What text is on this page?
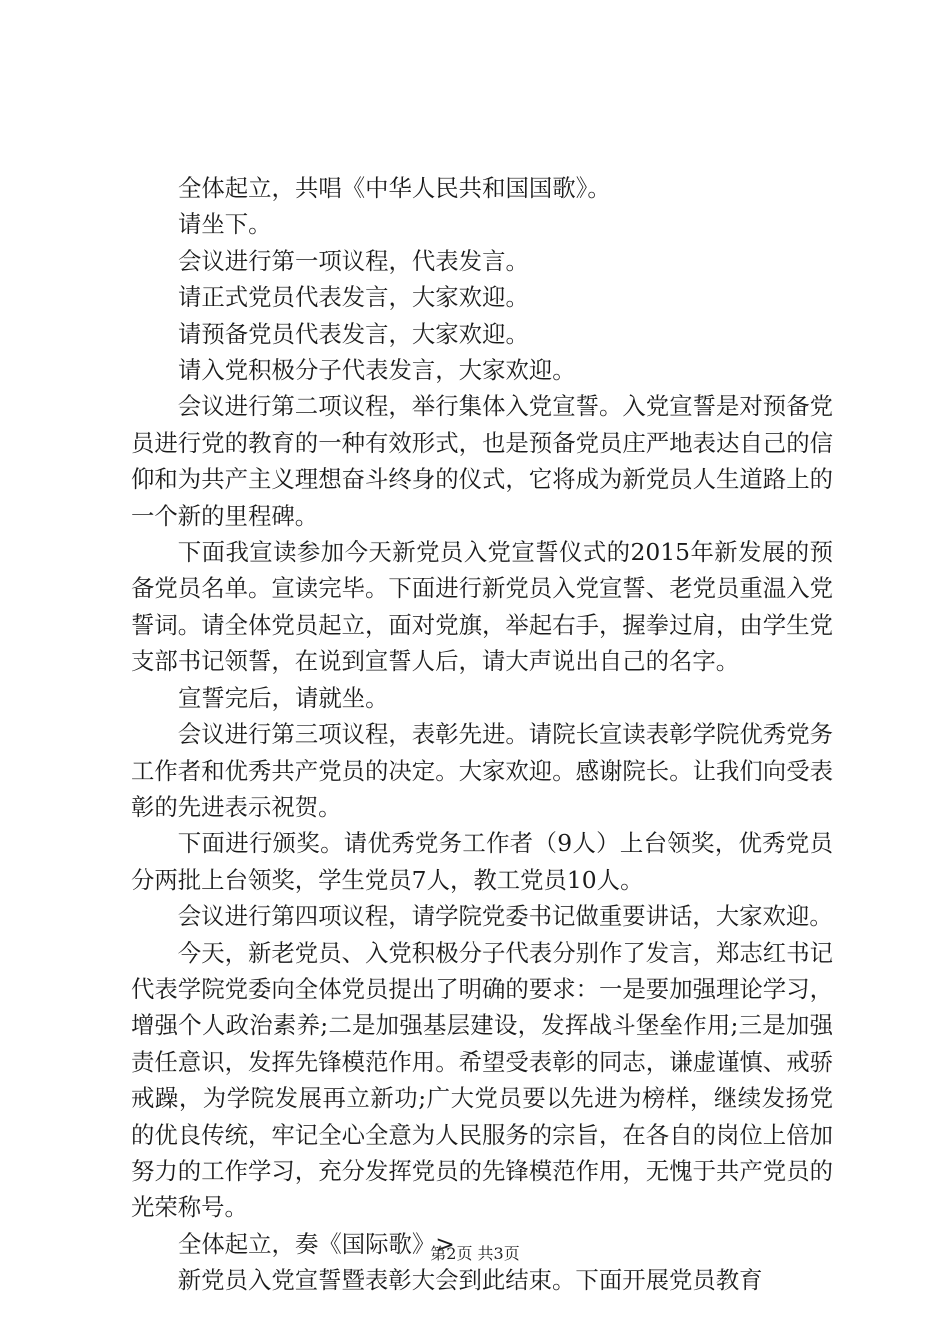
全体起立，共唱《中华人民共和国国歌》。

请坐下。

会议进行第一项议程，代表发言。

请正式党员代表发言，大家欢迎。

请预备党员代表发言，大家欢迎。

请入党积极分子代表发言，大家欢迎。

会议进行第二项议程，举行集体入党宣誓。入党宣誓是对预备党员进行党的教育的一种有效形式，也是预备党员庄严地表达自己的信仰和为共产主义理想奋斗终身的仪式，它将成为新党员人生道路上的一个新的里程碑。

下面我宣读参加今天新党员入党宣誓仪式的2015年新发展的预备党员名单。宣读完毕。下面进行新党员入党宣誓、老党员重温入党誓词。请全体党员起立，面对党旗，举起右手，握拳过肩，由学生党支部书记领誓，在说到宣誓人后，请大声说出自己的名字。

宣誓完后，请就坐。

会议进行第三项议程，表彰先进。请院长宣读表彰学院优秀党务工作者和优秀共产党员的决定。大家欢迎。感谢院长。让我们向受表彰的先进表示祝贺。

下面进行颁奖。请优秀党务工作者（9人）上台领奖，优秀党员分两批上台领奖，学生党员7人，教工党员10人。

会议进行第四项议程，请学院党委书记做重要讲话，大家欢迎。

今天，新老党员、入党积极分子代表分别作了发言，郑志红书记代表学院党委向全体党员提出了明确的要求：一是要加强理论学习，增强个人政治素养;二是加强基层建设，发挥战斗堡垒作用;三是加强责任意识，发挥先锋模范作用。希望受表彰的同志，谦虚谨慎、戒骄戒躁，为学院发展再立新功;广大党员要以先进为榜样，继续发扬党的优良传统，牢记全心全意为人民服务的宗旨，在各自的岗位上倍加努力的工作学习，充分发挥党员的先锋模范作用，无愧于共产党员的光荣称号。

全体起立，奏《国际歌》>

新党员入党宣誓暨表彰大会到此结束。下面开展党员教育

第2页 共3页
